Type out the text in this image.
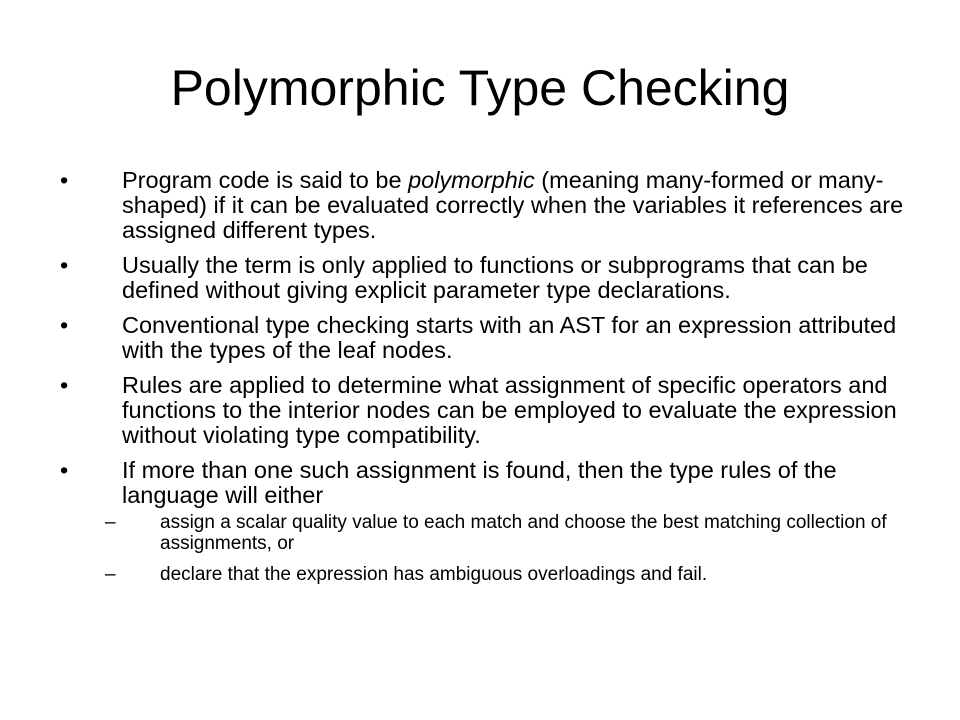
Polymorphic Type Checking
•	Program code is said to be polymorphic (meaning many-formed or many-shaped) if it can be evaluated correctly when the variables it references are assigned different types.
•	Usually the term is only applied to functions or subprograms that can be defined without giving explicit parameter type declarations.
•	Conventional type checking starts with an AST for an expression attributed with the types of the leaf nodes.
•	Rules are applied to determine what assignment of specific operators and functions to the interior nodes can be employed to evaluate the expression without violating type compatibility.
•	If more than one such assignment is found, then the type rules of the language will either
– assign a scalar quality value to each match and choose the best matching collection of assignments, or
– declare that the expression has ambiguous overloadings and fail.
